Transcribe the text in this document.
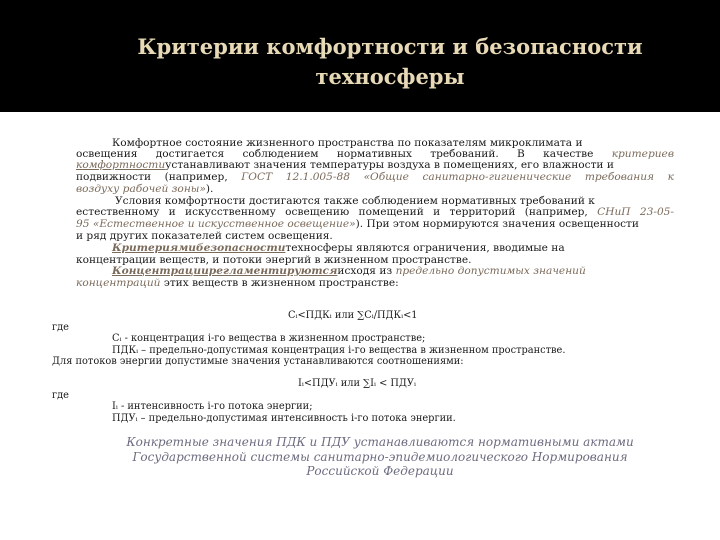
Критерии комфортности и безопасности
техносферы
Комфортное состояние жизненного пространства по показателям микроклимата и
освещения достигается соблюдением нормативных требований. В качестве критериев
комфортностиустанавливают значения температуры воздуха в помещениях, его влажности и
подвижности (например, ГОСТ 12.1.005-88 «Общие санитарно-гигиенические требования к
воздуху рабочей зоны»).
Условия комфортности достигаются также соблюдением нормативных требований к
естественному и искусственному освещению помещений и территорий (например, СНиП 23-05-
95 «Естественное и искусственное освещение»). При этом нормируются значения освещенности
и ряд других показателей систем освещения.
Критериямибезопасноститехносферы являются ограничения, вводимые на
концентрации веществ, и потоки энергий в жизненном пространстве.
Концентрациирегламентируютсяисходя из предельно допустимых значений
концентраций этих веществ в жизненном пространстве:
Cᵢ<ПДКᵢ или ∑Cᵢ/ПДКᵢ<1
где
Cᵢ - концентрация i-го вещества в жизненном пространстве;
ПДКᵢ – предельно-допустимая концентрация i-го вещества в жизненном пространстве.
Для потоков энергии допустимые значения устанавливаются соотношениями:
Iᵢ<ПДУᵢ или ∑Iᵢ < ПДУᵢ
где
Iᵢ - интенсивность i-го потока энергии;
ПДУᵢ – предельно-допустимая интенсивность i-го потока энергии.
Конкретные значения ПДК и ПДУ устанавливаются нормативными актами
Государственной системы санитарно-эпидемиологического Нормирования
Российской Федерации
